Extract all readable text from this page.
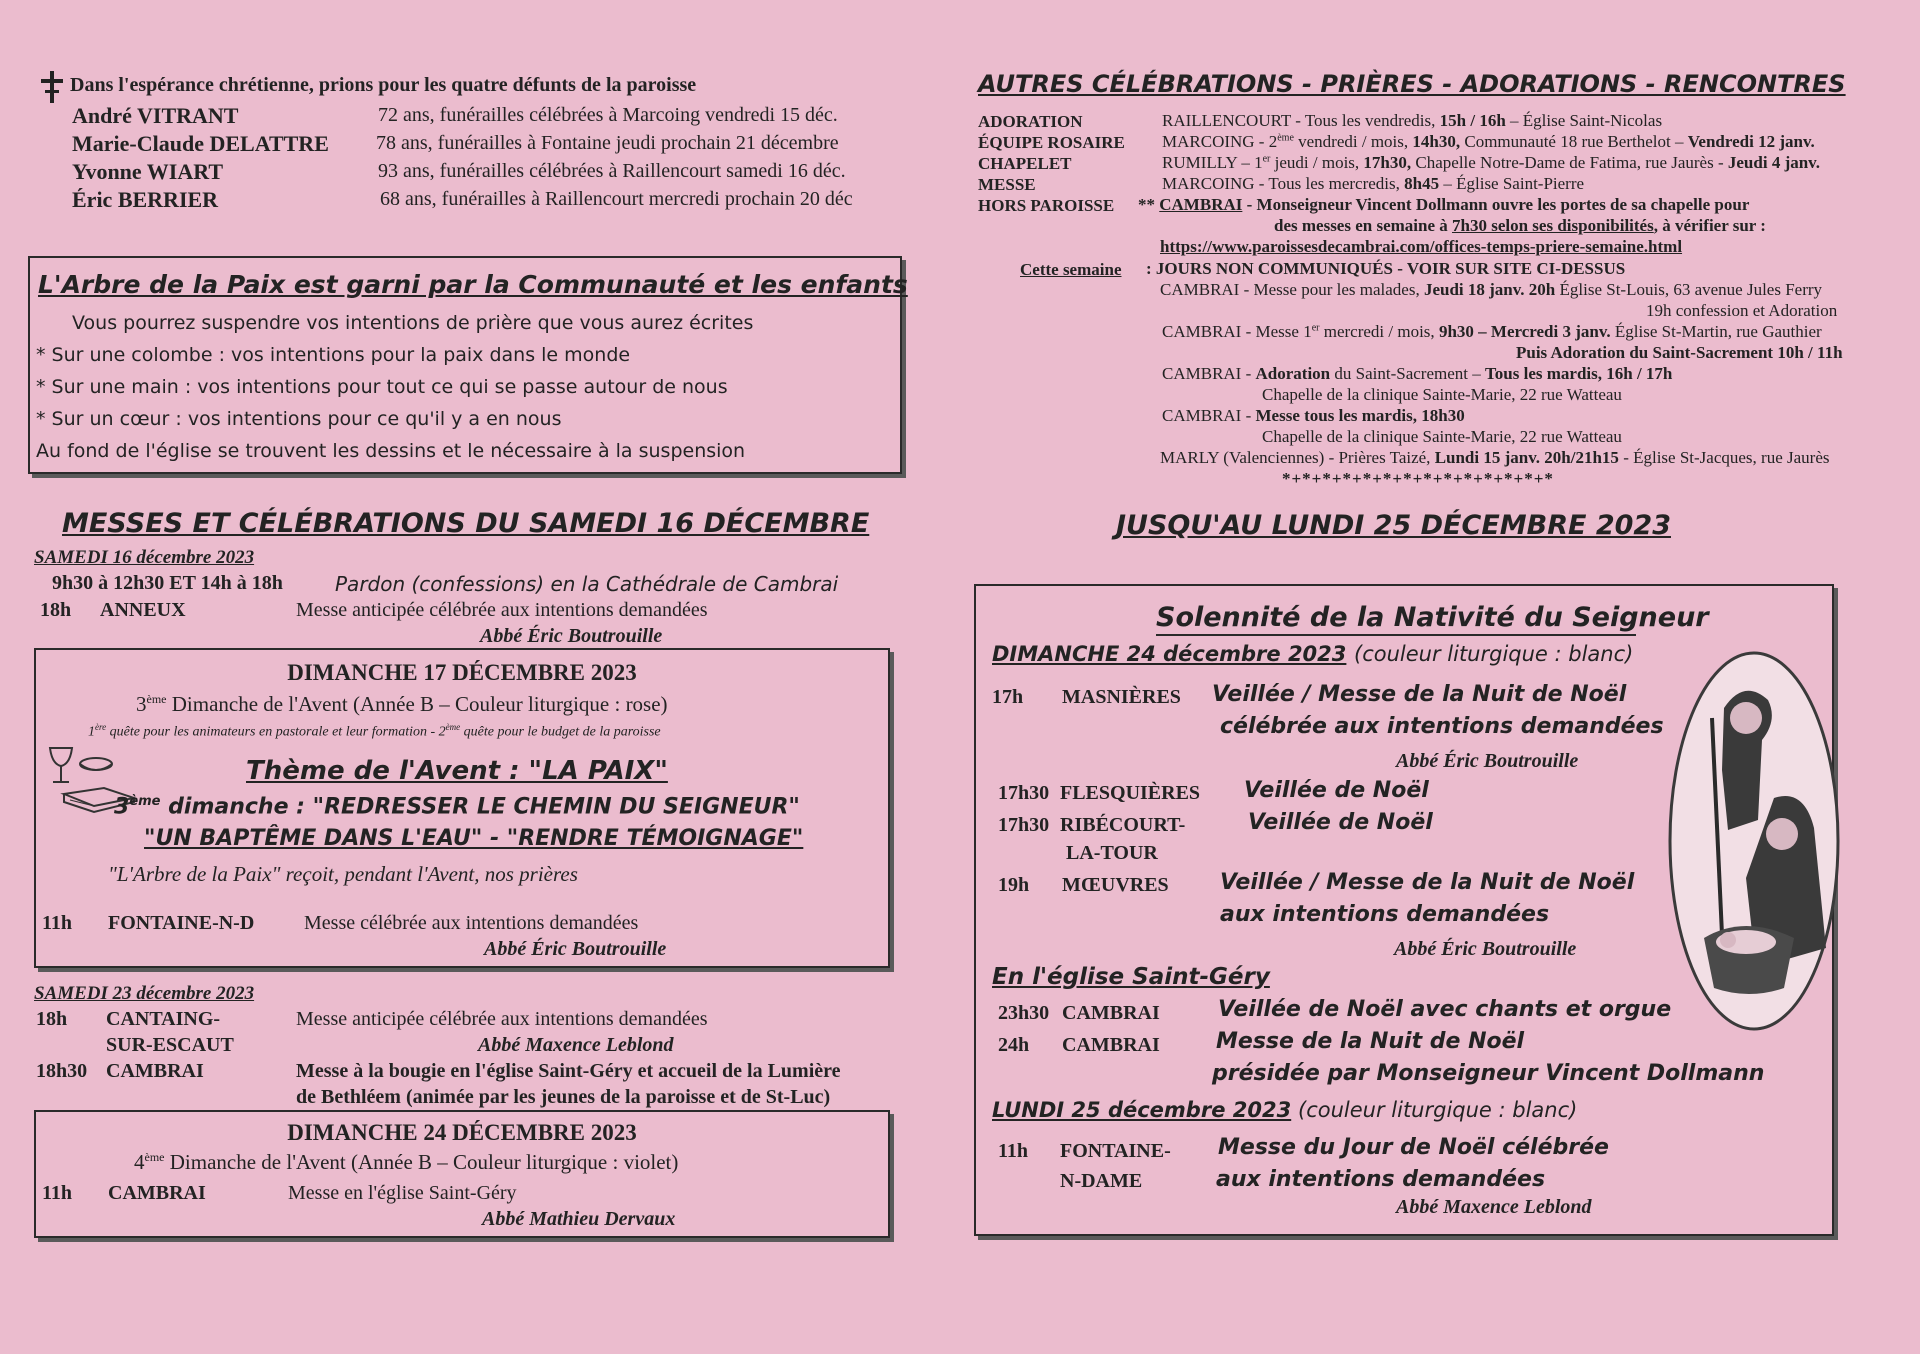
Dans l'espérance chrétienne, prions pour les quatre défunts de la paroisse
André VITRANT	72 ans, funérailles célébrées à Marcoing vendredi 15 déc.
Marie-Claude DELATTRE 78 ans, funérailles à Fontaine jeudi prochain 21 décembre
Yvonne WIART	93 ans, funérailles célébrées à Raillencourt samedi 16 déc.
Éric BERRIER	68 ans, funérailles à Raillencourt mercredi prochain 20 déc
L'Arbre de la Paix est garni par la Communauté et les enfants
Vous pourrez suspendre vos intentions de prière que vous aurez écrites
* Sur une colombe : vos intentions pour la paix dans le monde
* Sur une main : vos intentions pour tout ce qui se passe autour de nous
* Sur un cœur : vos intentions pour ce qu'il y a en nous
Au fond de l'église se trouvent les dessins et le nécessaire à la suspension
MESSES ET CÉLÉBRATIONS DU SAMEDI 16 DÉCEMBRE
SAMEDI 16 décembre 2023
9h30 à 12h30 ET 14h à 18h	Pardon (confessions) en la Cathédrale de Cambrai
18h ANNEUX	Messe anticipée célébrée aux intentions demandées
Abbé Éric Boutrouille
DIMANCHE 17 DÉCEMBRE 2023
3ème Dimanche de l'Avent (Année B – Couleur liturgique : rose)
1ère quête pour les animateurs en pastorale et leur formation - 2ème quête pour le budget de la paroisse
Thème de l'Avent : "LA PAIX"
3ème dimanche : "REDRESSER LE CHEMIN DU SEIGNEUR"
"UN BAPTÊME DANS L'EAU" - "RENDRE TÉMOIGNAGE"
"L'Arbre de la Paix" reçoit, pendant l'Avent, nos prières
11h FONTAINE-N-D Messe célébrée aux intentions demandées
Abbé Éric Boutrouille
SAMEDI 23 décembre 2023
18h CANTAING-
SUR-ESCAUT
Messe anticipée célébrée aux intentions demandées
Abbé Maxence Leblond
18h30 CAMBRAI	Messe à la bougie en l'église Saint-Géry et accueil de la Lumière
de Bethléem (animée par les jeunes de la paroisse et de St-Luc)
DIMANCHE 24 DÉCEMBRE 2023
4ème Dimanche de l'Avent (Année B – Couleur liturgique : violet)
11h CAMBRAI	Messe en l'église Saint-Géry
Abbé Mathieu Dervaux
AUTRES CÉLÉBRATIONS - PRIÈRES - ADORATIONS - RENCONTRES
ADORATION	RAILLENCOURT - Tous les vendredis, 15h / 16h – Église Saint-Nicolas
ÉQUIPE ROSAIRE MARCOING - 2ème vendredi / mois, 14h30, Communauté 18 rue Berthelot – Vendredi 12 janv.
CHAPELET	RUMILLY – 1er jeudi / mois, 17h30, Chapelle Notre-Dame de Fatima, rue Jaurès - Jeudi 4 janv.
MESSE	MARCOING - Tous les mercredis, 8h45 – Église Saint-Pierre
HORS PAROISSE ** CAMBRAI - Monseigneur Vincent Dollmann ouvre les portes de sa chapelle pour
des messes en semaine à 7h30 selon ses disponibilités, à vérifier sur :
https://www.paroissesdecambrai.com/offices-temps-priere-semaine.html
Cette semaine : JOURS NON COMMUNIQUÉS - VOIR SUR SITE CI-DESSUS
CAMBRAI - Messe pour les malades, Jeudi 18 janv. 20h Église St-Louis, 63 avenue Jules Ferry
19h confession et Adoration
CAMBRAI - Messe 1er mercredi / mois, 9h30 – Mercredi 3 janv. Église St-Martin, rue Gauthier
Puis Adoration du Saint-Sacrement 10h / 11h
CAMBRAI - Adoration du Saint-Sacrement – Tous les mardis, 16h / 17h
Chapelle de la clinique Sainte-Marie, 22 rue Watteau
CAMBRAI - Messe tous les mardis, 18h30
Chapelle de la clinique Sainte-Marie, 22 rue Watteau
MARLY (Valenciennes) - Prières Taizé, Lundi 15 janv. 20h/21h15 - Église St-Jacques, rue Jaurès
*+*+*+*+*+*+*+*+*+*+*+*+*+*
JUSQU'AU LUNDI 25 DÉCEMBRE 2023
Solennité de la Nativité du Seigneur
DIMANCHE 24 décembre 2023 (couleur liturgique : blanc)
17h MASNIÈRES Veillée / Messe de la Nuit de Noël
célébrée aux intentions demandées
Abbé Éric Boutrouille
17h30 FLESQUIÈRES Veillée de Noël
17h30 RIBÉCOURT-
LA-TOUR
Veillée de Noël
19h MŒUVRES Veillée / Messe de la Nuit de Noël
aux intentions demandées
Abbé Éric Boutrouille
En l'église Saint-Géry
23h30 CAMBRAI	Veillée de Noël avec chants et orgue
24h CAMBRAI	Messe de la Nuit de Noël
présidée par Monseigneur Vincent Dollmann
LUNDI 25 décembre 2023 (couleur liturgique : blanc)
11h FONTAINE-
N-DAME
Messe du Jour de Noël célébrée
aux intentions demandées
Abbé Maxence Leblond
